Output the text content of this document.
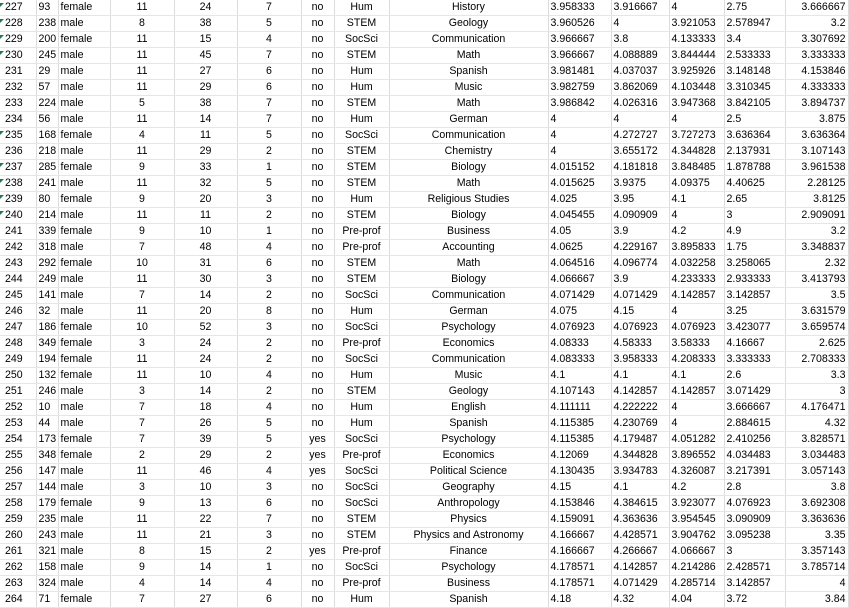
227	93	female	11	24	7	no	Hum	History	3.958333	3.916667	4	2.75	3.666667

228	238	male	8	38	5	no	STEM	Geology	3.960526	4	3.921053	2.578947	3.2

229	200	female	11	15	4	no	SocSci	Communication	3.966667	3.8	4.133333	3.4	3.307692

230	245	male	11	45	7	no	STEM	Math	3.966667	4.088889	3.844444	2.533333	3.333333
231	29	male	11	27	6	no	Hum	Spanish	3.981481	4.037037	3.925926	3.148148	4.153846
232	57	male	11	29	6	no	Hum	Music	3.982759	3.862069	4.103448	3.310345	4.333333
233	224	male	5	38	7	no	STEM	Math	3.986842	4.026316	3.947368	3.842105	3.894737
234	56	male	11	14	7	no	Hum	German	4	4	4	2.5	3.875

235	168	female	4	11	5	no	SocSci	Communication	4	4.272727	3.727273	3.636364	3.636364
236	218	male	11	29	2	no	STEM	Chemistry	4	3.655172	4.344828	2.137931	3.107143

237	285	female	9	33	1	no	STEM	Biology	4.015152	4.181818	3.848485	1.878788	3.961538

238	241	male	11	32	5	no	STEM	Math	4.015625	3.9375	4.09375	4.40625	2.28125

239	80	female	9	20	3	no	Hum	Religious Studies	4.025	3.95	4.1	2.65	3.8125

240	214	male	11	11	2	no	STEM	Biology	4.045455	4.090909	4	3	2.909091
241	339	female	9	10	1	no	Pre-prof	Business	4.05	3.9	4.2	4.9	3.2
242	318	male	7	48	4	no	Pre-prof	Accounting	4.0625	4.229167	3.895833	1.75	3.348837
243	292	female	10	31	6	no	STEM	Math	4.064516	4.096774	4.032258	3.258065	2.32
244	249	male	11	30	3	no	STEM	Biology	4.066667	3.9	4.233333	2.933333	3.413793
245	141	male	7	14	2	no	SocSci	Communication	4.071429	4.071429	4.142857	3.142857	3.5
246	32	male	11	20	8	no	Hum	German	4.075	4.15	4	3.25	3.631579
247	186	female	10	52	3	no	SocSci	Psychology	4.076923	4.076923	4.076923	3.423077	3.659574
248	349	female	3	24	2	no	Pre-prof	Economics	4.08333	4.58333	3.58333	4.16667	2.625
249	194	female	11	24	2	no	SocSci	Communication	4.083333	3.958333	4.208333	3.333333	2.708333
250	132	female	11	10	4	no	Hum	Music	4.1	4.1	4.1	2.6	3.3
251	246	male	3	14	2	no	STEM	Geology	4.107143	4.142857	4.142857	3.071429	3
252	10	male	7	18	4	no	Hum	English	4.111111	4.222222	4	3.666667	4.176471
253	44	male	7	26	5	no	Hum	Spanish	4.115385	4.230769	4	2.884615	4.32
254	173	female	7	39	5	yes	SocSci	Psychology	4.115385	4.179487	4.051282	2.410256	3.828571
255	348	female	2	29	2	yes	Pre-prof	Economics	4.12069	4.344828	3.896552	4.034483	3.034483
256	147	male	11	46	4	yes	SocSci	Political Science	4.130435	3.934783	4.326087	3.217391	3.057143
257	144	male	3	10	3	no	SocSci	Geography	4.15	4.1	4.2	2.8	3.8
258	179	female	9	13	6	no	SocSci	Anthropology	4.153846	4.384615	3.923077	4.076923	3.692308
259	235	male	11	22	7	no	STEM	Physics	4.159091	4.363636	3.954545	3.090909	3.363636
260	243	male	11	21	3	no	STEM	Physics and Astronomy	4.166667	4.428571	3.904762	3.095238	3.35
261	321	male	8	15	2	yes	Pre-prof	Finance	4.166667	4.266667	4.066667	3	3.357143
262	158	male	9	14	1	no	SocSci	Psychology	4.178571	4.142857	4.214286	2.428571	3.785714
263	324	male	4	14	4	no	Pre-prof	Business	4.178571	4.071429	4.285714	3.142857	4
264	71	female	7	27	6	no	Hum	Spanish	4.18	4.32	4.04	3.72	3.84
